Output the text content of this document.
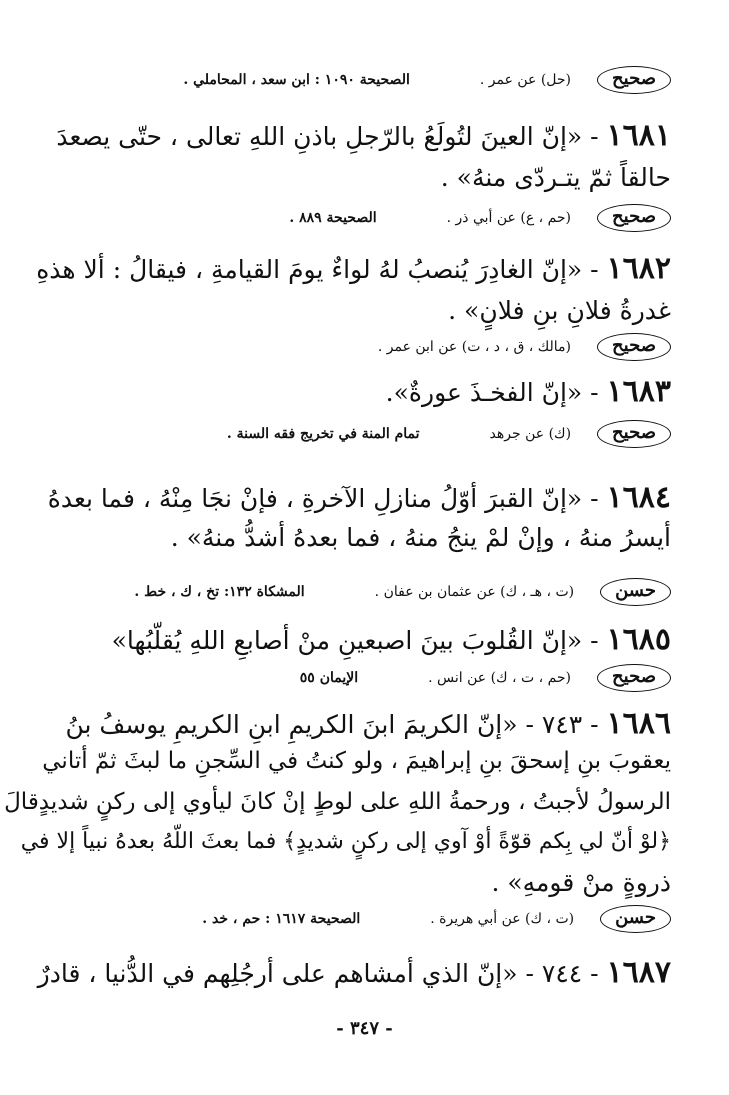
صحيح(حل) عن عمر .الصحيحة ١٠٩٠ : ابن سعد ، المحاملي .
١٦٨١ - «إنّ العينَ لتُولَعُ بالرّجلِ باذنِ اللهِ تعالى ، حتّى يصعدَ
حالقاً ثمّ يتـردّى منهُ» .
صحيح(حم ، ع) عن أبي ذر .الصحيحة ٨٨٩ .
١٦٨٢ - «إنّ الغادِرَ يُنصبُ لهُ لواءٌ يومَ القيامةِ ، فيقالُ : ألا هذهِ
غدرةُ فلانِ بنِ فلانٍ» .
صحيح(مالك ، ق ، د ، ت) عن ابن عمر .
١٦٨٣ - «إنّ الفخـذَ عورةٌ».
صحيح(ك) عن جرهدتمام المنة في تخريج فقه السنة .
١٦٨٤ - «إنّ القبرَ أوّلُ منازلِ الآخرةِ ، فإنْ نجَا مِنْهُ ، فما بعدهُ
أيسرُ منهُ ، وإنْ لمْ ينجُ منهُ ، فما بعدهُ أشدُّ منهُ» .
حسن(ت ، هـ ، ك) عن عثمان بن عفان .المشكاة ١٣٢: تخ ، ك ، خط .
١٦٨٥ - «إنّ القُلوبَ بينَ اصبعينِ منْ أصابعِ اللهِ يُقلّبُها»
صحيح(حم ، ت ، ك) عن انس .الإيمان ٥٥
١٦٨٦ - ٧٤٣ - «إنّ الكريمَ ابنَ الكريمِ ابنِ الكريمِ يوسفُ بنُ
يعقوبَ بنِ إسحقَ بنِ إبراهيمَ ، ولو كنتُ في السِّجنِ ما لبثَ ثمّ أتاني
الرسولُ لأجبتُ ، ورحمةُ اللهِ على لوطٍ إنْ كانَ ليأوي إلى ركنٍ شديدٍقالَ
﴿لوْ أنّ لي بِكم قوّةً أوْ آوي إلى ركنٍ شديدٍ﴾ فما بعثَ اللّهُ بعدهُ نبياً إلا في
ذروةٍ منْ قومهِ» .
حسن(ت ، ك) عن أبي هريرة .الصحيحة ١٦١٧ : حم ، خد .
١٦٨٧ - ٧٤٤ - «إنّ الذي أمشاهم على أرجُلِهم في الدُّنيا ، قادرٌ
- ٣٤٧ -
